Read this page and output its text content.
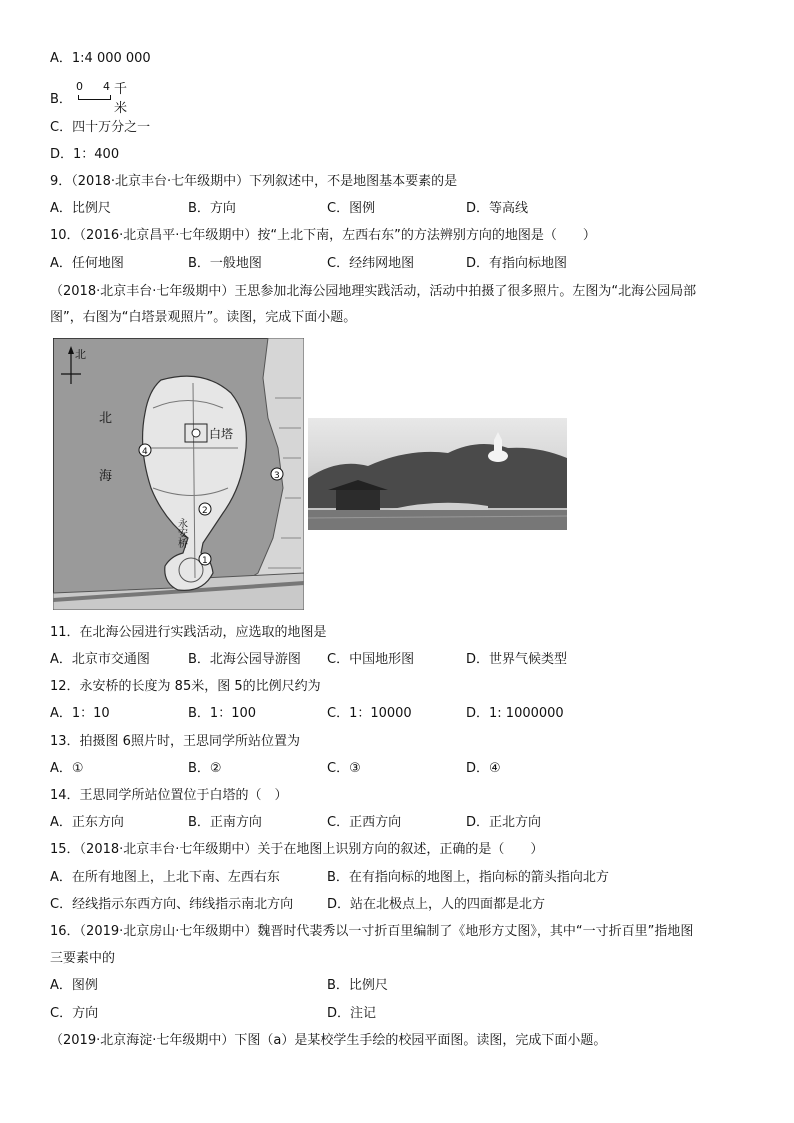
A．1:4 000 000
B．
0 4 千米
C．四十万分之一
D．1：400
9．（2018·北京丰台·七年级期中）下列叙述中，不是地图基本要素的是
A．比例尺	B．方向	C．图例	D．等高线
10．（2016·北京昌平·七年级期中）按“上北下南，左西右东”的方法辨别方向的地图是（　　）
A．任何地图	B．一般地图	C．经纬网地图	D．有指向标地图
（2018·北京丰台·七年级期中）王思参加北海公园地理实践活动，活动中拍摄了很多照片。左图为“北海公园局部
图”，右图为“白塔景观照片”。读图，完成下面小题。
白塔
北
北
海
永安桥
1
2
3
4
11．在北海公园进行实践活动，应选取的地图是
A．北京市交通图	B．北海公园导游图 C．中国地形图	D．世界气候类型
12．永安桥的长度为 85米，图 5的比例尺约为
A．1：10	B．1：100	C．1：10000	D．1: 1000000
13．拍摄图 6照片时，王思同学所站位置为
A．①	B．②	C．③	D．④
14．王思同学所站位置位于白塔的（　）
A．正东方向	B．正南方向	C．正西方向	D．正北方向
15．（2018·北京丰台·七年级期中）关于在地图上识别方向的叙述，正确的是（　　）
A．在所有地图上，上北下南、左西右东	B．在有指向标的地图上，指向标的箭头指向北方
C．经线指示东西方向、纬线指示南北方向	D．站在北极点上，人的四面都是北方
16．（2019·北京房山·七年级期中）魏晋时代裴秀以一寸折百里编制了《地形方丈图》，其中“一寸折百里”指地图
三要素中的
A．图例	B．比例尺
C．方向	D．注记
（2019·北京海淀·七年级期中）下图（a）是某校学生手绘的校园平面图。读图，完成下面小题。
